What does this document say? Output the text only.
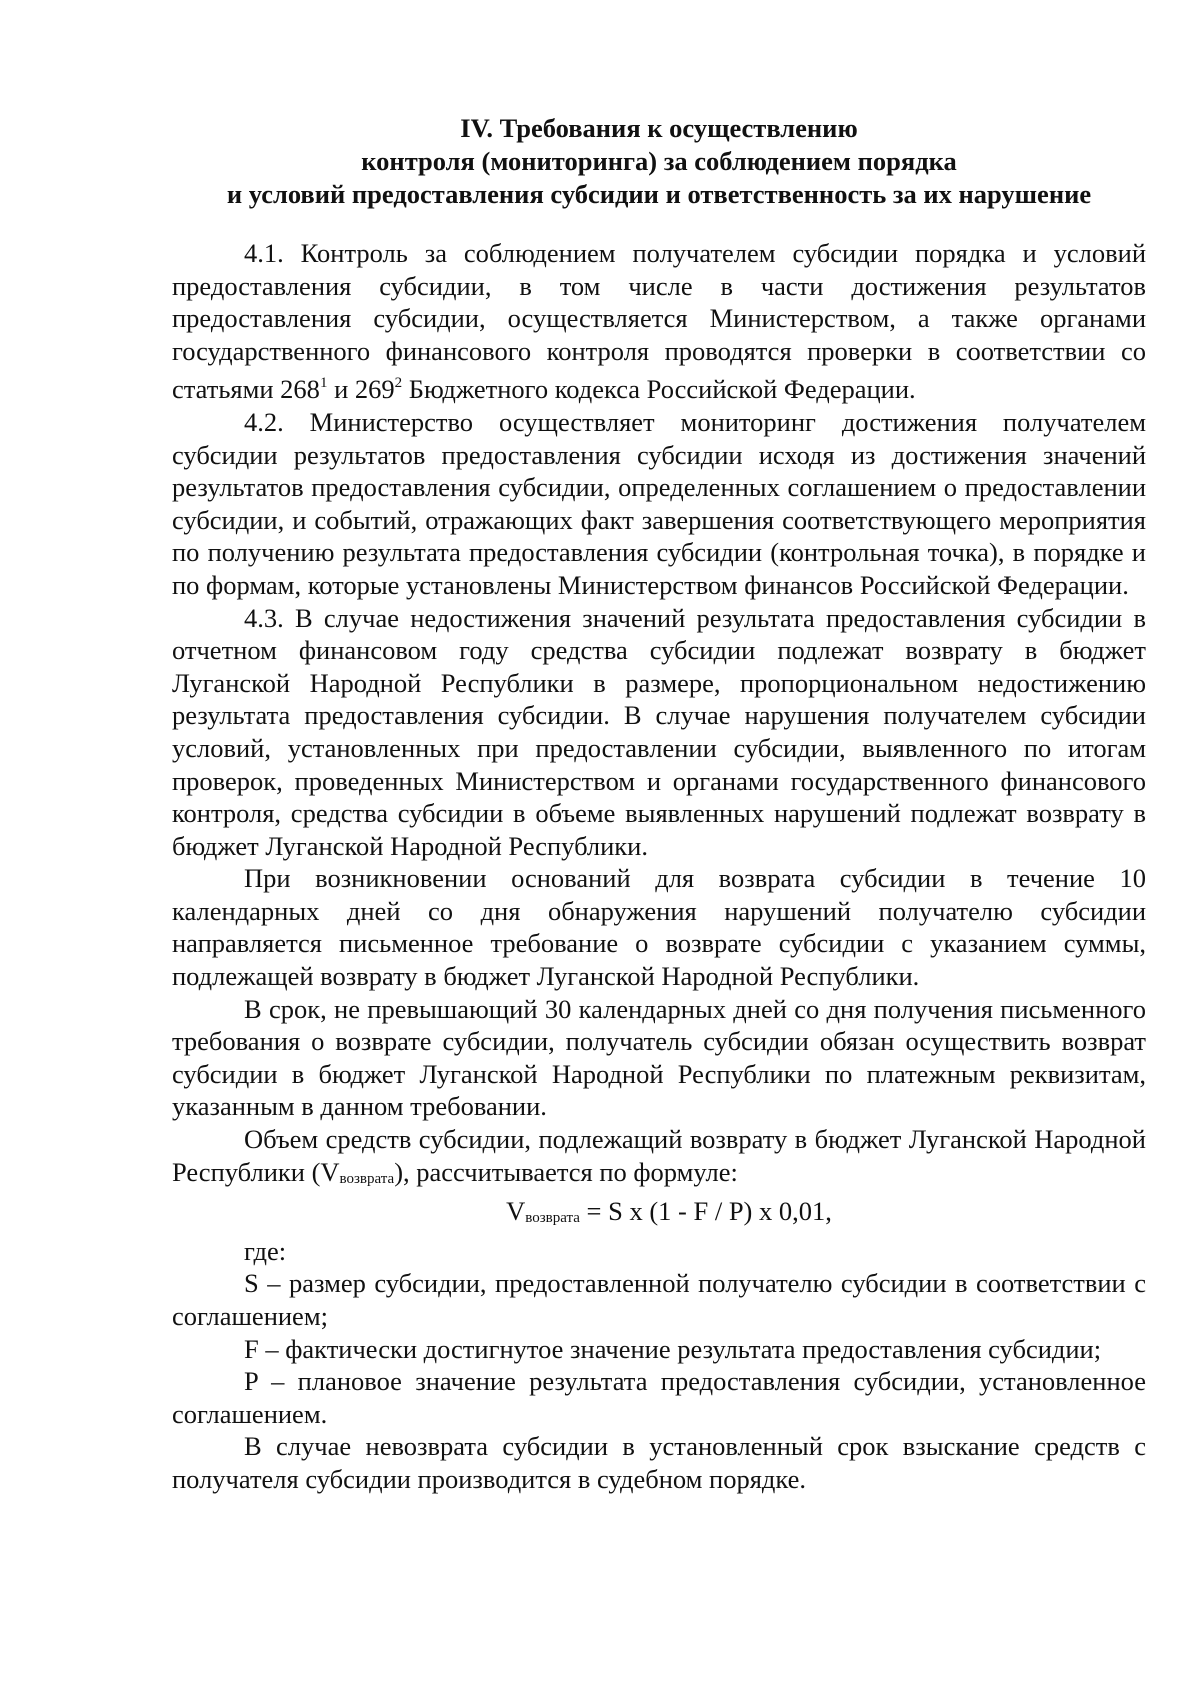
IV. Требования к осуществлению
контроля (мониторинга) за соблюдением порядка
и условий предоставления субсидии и ответственность за их нарушение

4.1. Контроль за соблюдением получателем субсидии порядка и условий предоставления субсидии, в том числе в части достижения результатов предоставления субсидии, осуществляется Министерством, а также органами государственного финансового контроля проводятся проверки в соответствии со статьями $268^1$ и $269^2$ Бюджетного кодекса Российской Федерации.

4.2. Министерство осуществляет мониторинг достижения получателем субсидии результатов предоставления субсидии исходя из достижения значений результатов предоставления субсидии, определенных соглашением о предоставлении субсидии, и событий, отражающих факт завершения соответствующего мероприятия по получению результата предоставления субсидии (контрольная точка), в порядке и по формам, которые установлены Министерством финансов Российской Федерации.

4.3. В случае недостижения значений результата предоставления субсидии в отчетном финансовом году средства субсидии подлежат возврату в бюджет Луганской Народной Республики в размере, пропорциональном недостижению результата предоставления субсидии. В случае нарушения получателем субсидии условий, установленных при предоставлении субсидии, выявленного по итогам проверок, проведенных Министерством и органами государственного финансового контроля, средства субсидии в объеме выявленных нарушений подлежат возврату в бюджет Луганской Народной Республики.

При возникновении оснований для возврата субсидии в течение 10 календарных дней со дня обнаружения нарушений получателю субсидии направляется письменное требование о возврате субсидии с указанием суммы, подлежащей возврату в бюджет Луганской Народной Республики.

В срок, не превышающий 30 календарных дней со дня получения письменного требования о возврате субсидии, получатель субсидии обязан осуществить возврат субсидии в бюджет Луганской Народной Республики по платежным реквизитам, указанным в данном требовании.

Объем средств субсидии, подлежащий возврату в бюджет Луганской Народной Республики (Vвозврата), рассчитывается по формуле:

Vвозврата = S x (1 - F / P) x 0,01,

где:

S – размер субсидии, предоставленной получателю субсидии в соответствии с соглашением;

F – фактически достигнутое значение результата предоставления субсидии;

P – плановое значение результата предоставления субсидии, установленное соглашением.

В случае невозврата субсидии в установленный срок взыскание средств с получателя субсидии производится в судебном порядке.
